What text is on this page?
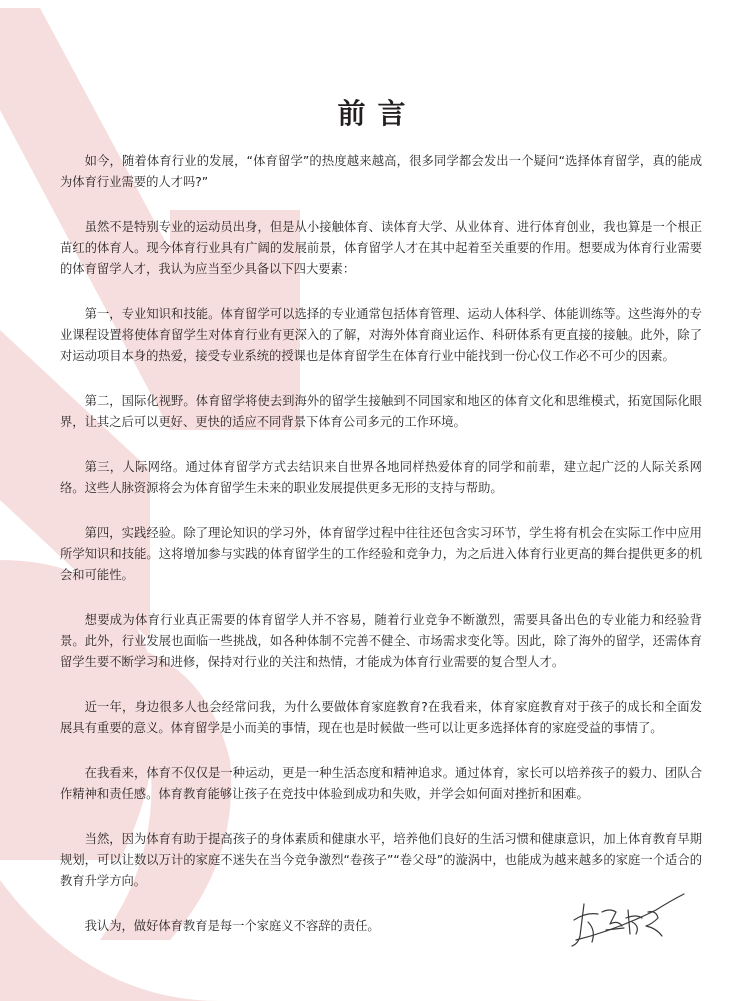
前言

如今，随着体育行业的发展，“体育留学”的热度越来越高，很多同学都会发出一个疑问“选择体育留学，真的能成为体育行业需要的人才吗?”

虽然不是特别专业的运动员出身，但是从小接触体育、读体育大学、从业体育、进行体育创业，我也算是一个根正苗红的体育人。现今体育行业具有广阔的发展前景，体育留学人才在其中起着至关重要的作用。想要成为体育行业需要的体育留学人才，我认为应当至少具备以下四大要素：

第一，专业知识和技能。体育留学可以选择的专业通常包括体育管理、运动人体科学、体能训练等。这些海外的专业课程设置将使体育留学生对体育行业有更深入的了解，对海外体育商业运作、科研体系有更直接的接触。此外，除了对运动项目本身的热爱，接受专业系统的授课也是体育留学生在体育行业中能找到一份心仪工作必不可少的因素。

第二，国际化视野。体育留学将使去到海外的留学生接触到不同国家和地区的体育文化和思维模式，拓宽国际化眼界，让其之后可以更好、更快的适应不同背景下体育公司多元的工作环境。

第三，人际网络。通过体育留学方式去结识来自世界各地同样热爱体育的同学和前辈，建立起广泛的人际关系网络。这些人脉资源将会为体育留学生未来的职业发展提供更多无形的支持与帮助。

第四，实践经验。除了理论知识的学习外，体育留学过程中往往还包含实习环节，学生将有机会在实际工作中应用所学知识和技能。这将增加参与实践的体育留学生的工作经验和竞争力，为之后进入体育行业更高的舞台提供更多的机会和可能性。

想要成为体育行业真正需要的体育留学人并不容易，随着行业竞争不断激烈，需要具备出色的专业能力和经验背景。此外，行业发展也面临一些挑战，如各种体制不完善不健全、市场需求变化等。因此，除了海外的留学，还需体育留学生要不断学习和进修，保持对行业的关注和热情，才能成为体育行业需要的复合型人才。

近一年，身边很多人也会经常问我，为什么要做体育家庭教育?在我看来，体育家庭教育对于孩子的成长和全面发展具有重要的意义。体育留学是小而美的事情，现在也是时候做一些可以让更多选择体育的家庭受益的事情了。

在我看来，体育不仅仅是一种运动，更是一种生活态度和精神追求。通过体育，家长可以培养孩子的毅力、团队合作精神和责任感。体育教育能够让孩子在竞技中体验到成功和失败，并学会如何面对挫折和困难。

当然，因为体育有助于提高孩子的身体素质和健康水平，培养他们良好的生活习惯和健康意识，加上体育教育早期规划，可以让数以万计的家庭不迷失在当今竞争激烈“卷孩子”“卷父母”的漩涡中，也能成为越来越多的家庭一个适合的教育升学方向。

我认为，做好体育教育是每一个家庭义不容辞的责任。
